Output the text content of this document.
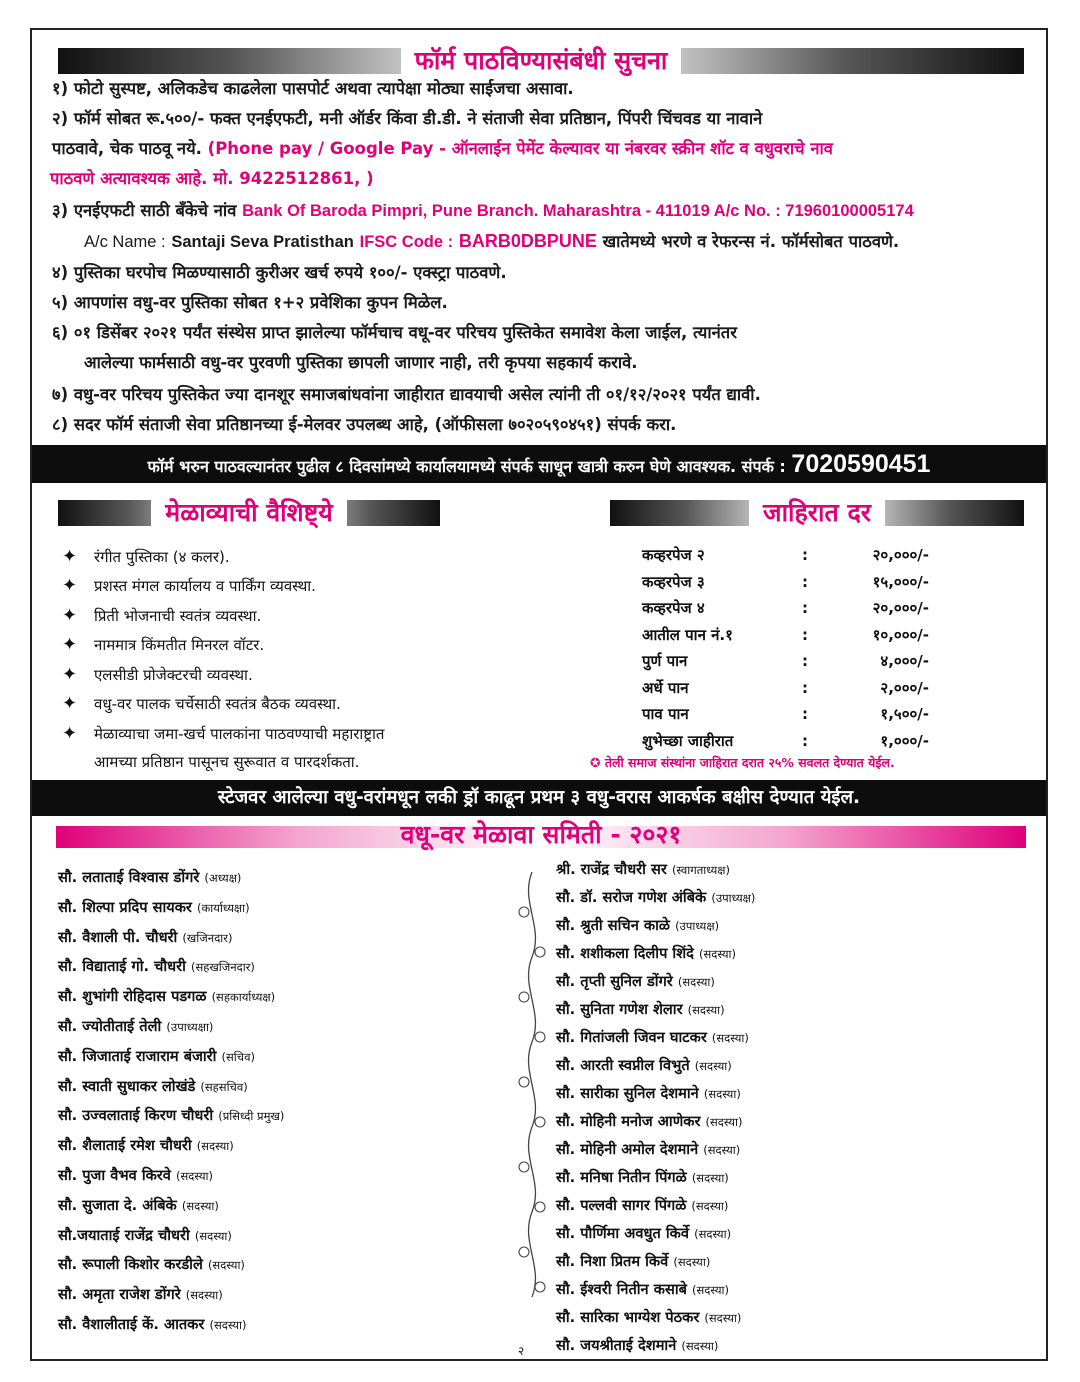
फॉर्म पाठविण्यासंबंधी सुचना
१) फोटो सुस्पष्ट, अलिकडेच काढलेला पासपोर्ट अथवा त्यापेक्षा मोठ्या साईजचा असावा.
२) फॉर्म सोबत रू.५००/- फक्त एनईएफटी, मनी ऑर्डर किंवा डी.डी. ने संताजी सेवा प्रतिष्ठान, पिंपरी चिंचवड या नावाने
पाठवावे, चेक पाठवू नये. (Phone pay / Google Pay - ऑनलाईन पेमेंट केल्यावर या नंबरवर स्क्रीन शॉट व वधुवराचे नाव
पाठवणे अत्यावश्यक आहे. मो. 9422512861, )
३) एनईएफटी साठी बँकेचे नांव Bank Of Baroda Pimpri, Pune Branch. Maharashtra - 411019 A/c No. : 71960100005174
A/c Name : Santaji Seva Pratisthan IFSC Code : BARB0DBPUNE खातेमध्ये भरणे व रेफरन्स नं. फॉर्मसोबत पाठवणे.
४) पुस्तिका घरपोच मिळण्यासाठी कुरीअर खर्च रुपये १००/- एक्स्ट्रा पाठवणे.
५) आपणांस वधु-वर पुस्तिका सोबत १+२ प्रवेशिका कुपन मिळेल.
६) ०१ डिसेंबर २०२१ पर्यंत संस्थेस प्राप्त झालेल्या फॉर्मचाच वधू-वर परिचय पुस्तिकेत समावेश केला जाईल, त्यानंतर
आलेल्या फार्मसाठी वधु-वर पुरवणी पुस्तिका छापली जाणार नाही, तरी कृपया सहकार्य करावे.
७) वधु-वर परिचय पुस्तिकेत ज्या दानशूर समाजबांधवांना जाहीरात द्यावयाची असेल त्यांनी ती ०१/१२/२०२१ पर्यंत द्यावी.
८) सदर फॉर्म संताजी सेवा प्रतिष्ठानच्या ई-मेलवर उपलब्ध आहे, (ऑफीसला ७०२०५९०४५१) संपर्क करा.
फॉर्म भरुन पाठवल्यानंतर पुढील ८ दिवसांमध्ये कार्यालयामध्ये संपर्क साधून खात्री करुन घेणे आवश्यक. संपर्क : 7020590451
मेळाव्याची वैशिष्ट्ये	जाहिरात दर
✦ रंगीत पुस्तिका (४ कलर).
✦ प्रशस्त मंगल कार्यालय व पार्किंग व्यवस्था.
✦ प्रिती भोजनाची स्वतंत्र व्यवस्था.
✦ नाममात्र किंमतीत मिनरल वॉटर.
✦ एलसीडी प्रोजेक्टरची व्यवस्था.
✦ वधु-वर पालक चर्चेसाठी स्वतंत्र बैठक व्यवस्था.
✦ मेळाव्याचा जमा-खर्च पालकांना पाठवण्याची महाराष्ट्रात
आमच्या प्रतिष्ठान पासूनच सुरूवात व पारदर्शकता.
कव्हरपेज २	:	२०,०००/-
कव्हरपेज ३	:	१५,०००/-
कव्हरपेज ४	:	२०,०००/-
आतील पान नं.१	:	१०,०००/-
पुर्ण पान	:	४,०००/-
अर्धे पान	:	२,०००/-
पाव पान	:	१,५००/-
शुभेच्छा जाहीरात	:	१,०००/-
✪ तेली समाज संस्थांना जाहिरात दरात २५% सवलत देण्यात येईल.
स्टेजवर आलेल्या वधु-वरांमधून लकी ड्रॉ काढून प्रथम ३ वधु-वरास आकर्षक बक्षीस देण्यात येईल.
वधू-वर मेळावा समिती - २०२१
सौ. लताताई विश्वास डोंगरे (अध्यक्ष)
सौ. शिल्पा प्रदिप सायकर (कार्याध्यक्षा)
सौ. वैशाली पी. चौधरी (खजिनदार)
सौ. विद्याताई गो. चौधरी (सहखजिनदार)
सौ. शुभांगी रोहिदास पडगळ (सहकार्याध्यक्ष)
सौ. ज्योतीताई तेली (उपाध्यक्षा)
सौ. जिजाताई राजाराम बंजारी (सचिव)
सौ. स्वाती सुधाकर लोखंडे (सहसचिव)
सौ. उज्वलाताई किरण चौधरी (प्रसिध्दी प्रमुख)
सौ. शैलाताई रमेश चौधरी (सदस्या)
सौ. पुजा वैभव किरवे (सदस्या)
सौ. सुजाता दे. अंबिके (सदस्या)
सौ.जयाताई राजेंद्र चौधरी (सदस्या)
सौ. रूपाली किशोर करडीले (सदस्या)
सौ. अमृता राजेश डोंगरे (सदस्या)
सौ. वैशालीताई कें. आतकर (सदस्या)
२
श्री. राजेंद्र चौधरी सर (स्वागताध्यक्ष)
सौ. डॉ. सरोज गणेश अंबिके (उपाध्यक्ष)
सौ. श्रुती सचिन काळे (उपाध्यक्ष)
सौ. शशीकला दिलीप शिंदे (सदस्या)
सौ. तृप्ती सुनिल डोंगरे (सदस्या)
सौ. सुनिता गणेश शेलार (सदस्या)
सौ. गितांजली जिवन घाटकर (सदस्या)
सौ. आरती स्वप्नील विभुते (सदस्या)
सौ. सारीका सुनिल देशमाने (सदस्या)
सौ. मोहिनी मनोज आणेकर (सदस्या)
सौ. मोहिनी अमोल देशमाने (सदस्या)
सौ. मनिषा नितीन पिंगळे (सदस्या)
सौ. पल्लवी सागर पिंगळे (सदस्या)
सौ. पौर्णिमा अवधुत किर्वे (सदस्या)
सौ. निशा प्रितम किर्वे (सदस्या)
सौ. ईश्वरी नितीन कसाबे (सदस्या)
सौ. सारिका भाग्येश पेठकर (सदस्या)
सौ. जयश्रीताई देशमाने (सदस्या)
